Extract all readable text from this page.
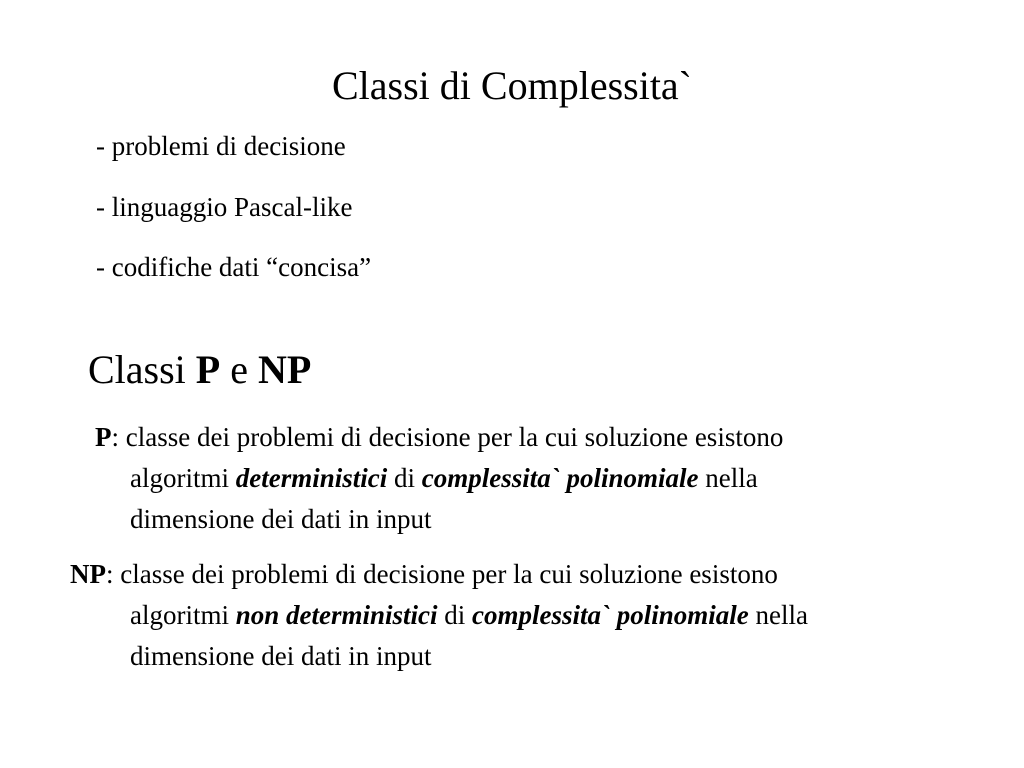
Classi di Complessita`
- problemi di decisione
- linguaggio Pascal-like
- codifiche dati “concisa”
Classi P e NP
P: classe dei problemi di decisione per la cui soluzione esistono
algoritmi deterministici di complessita` polinomiale nella
dimensione dei dati in input
NP: classe dei problemi di decisione per la cui soluzione esistono
algoritmi non deterministici di complessita` polinomiale nella
dimensione dei dati in input
